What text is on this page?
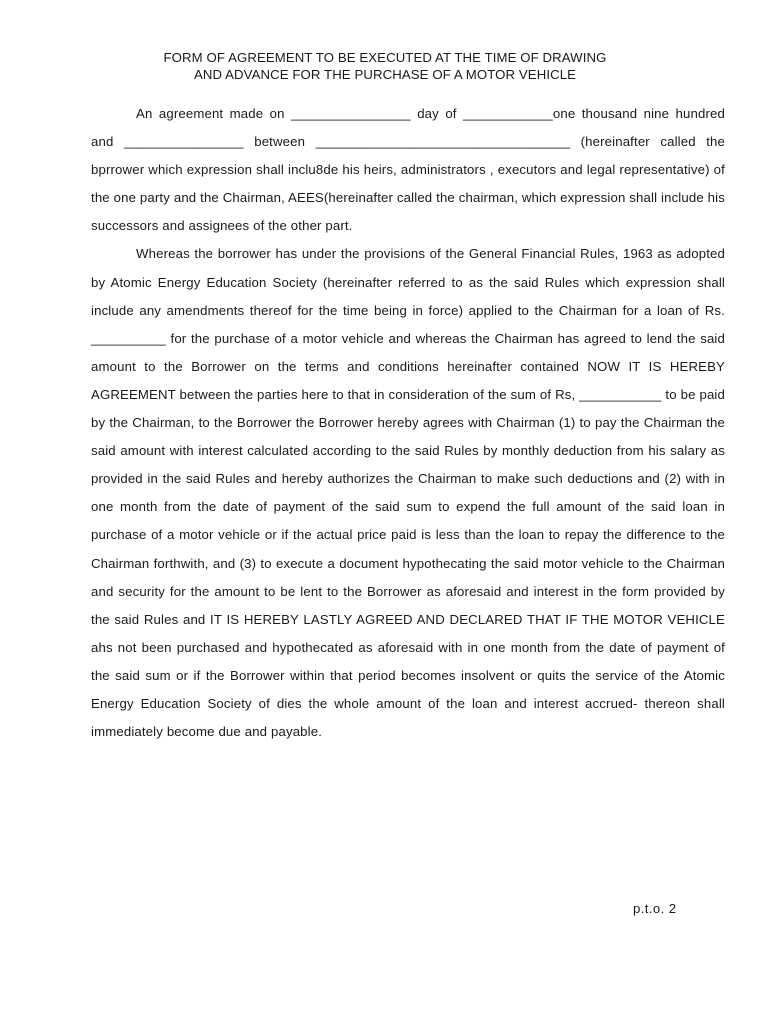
FORM OF AGREEMENT TO BE EXECUTED AT THE TIME OF DRAWING
AND ADVANCE FOR THE PURCHASE OF A MOTOR VEHICLE

An agreement made on ________________ day of ____________one thousand nine hundred and ________________ between __________________________________ (hereinafter called the bprrower which expression shall inclu8de his heirs, administrators , executors and legal representative) of the one party and the Chairman, AEES(hereinafter called the chairman, which expression shall include his successors and assignees of the other part.

Whereas the borrower has under the provisions of the General Financial Rules, 1963 as adopted by Atomic Energy Education Society (hereinafter referred to as the said Rules which expression shall include any amendments thereof for the time being in force) applied to the Chairman for a loan of Rs. __________ for the purchase of a motor vehicle and whereas the Chairman has agreed to lend the said amount to the Borrower on the terms and conditions hereinafter contained NOW IT IS HEREBY AGREEMENT between the parties here to that in consideration of the sum of Rs, ___________ to be paid by the Chairman, to the Borrower the Borrower hereby agrees with Chairman (1) to pay the Chairman the said amount with interest calculated according to the said Rules by monthly deduction from his salary as provided in the said Rules and hereby authorizes the Chairman to make such deductions and (2) with in one month from the date of payment of the said sum to expend the full amount of the said loan in purchase of a motor vehicle or if the actual price paid is less than the loan to repay the difference to the Chairman forthwith, and (3) to execute a document hypothecating the said motor vehicle to the Chairman and security for the amount to be lent to the Borrower as aforesaid and interest in the form provided by the said Rules and IT IS HEREBY LASTLY AGREED AND DECLARED THAT IF THE MOTOR VEHICLE ahs not been purchased and hypothecated as aforesaid with in one month from the date of payment of the said sum or if the Borrower within that period becomes insolvent or quits the service of the Atomic Energy Education Society of dies the whole amount of the loan and interest accrued- thereon shall immediately become due and payable.

p.t.o. 2
